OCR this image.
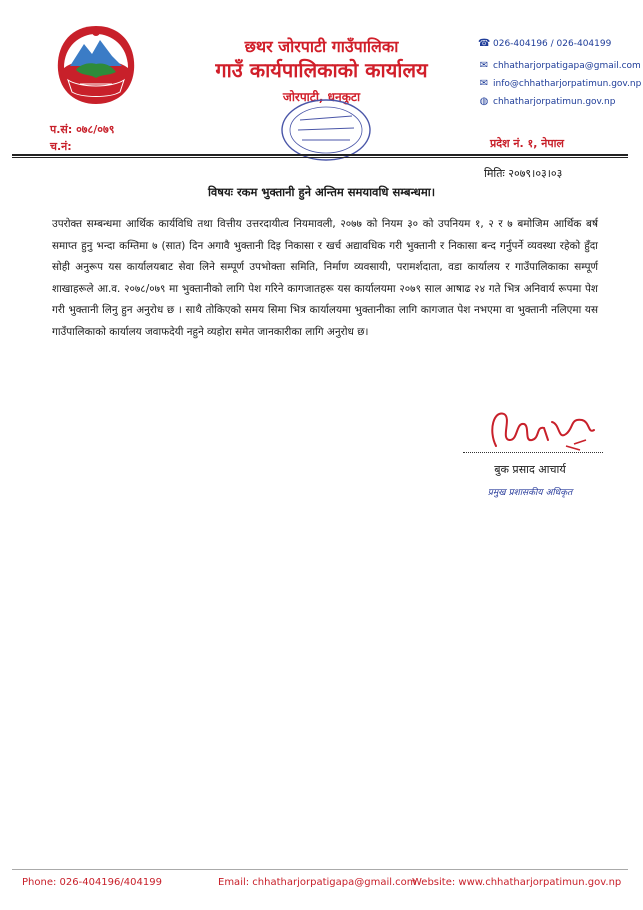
छथर जोरपाटी गाउँपालिका
गाउँ कार्यपालिकाको कार्यालय
जोरपाटी, धनकुटा
☎ 026-404196 / 026-404199
✉ chhatharjorpatigapa@gmail.com
✉ info@chhatharjorpatimun.gov.np
◍ chhatharjorpatimun.gov.np
प.सं: ०७८/०७९
च.नं:	प्रदेश नं. १, नेपाल
मितिः २०७९।०३।०३
विषयः रकम भुक्तानी हुने अन्तिम समयावधि सम्बन्धमा।
उपरोक्त सम्बन्धमा आर्थिक कार्यविधि तथा वित्तीय उत्तरदायीत्व नियमावली, २०७७ को नियम ३० को उपनियम १, २ र ७ बमोजिम आर्थिक बर्ष समाप्त हुनु भन्दा कम्तिमा ७ (सात) दिन अगावै भुक्तानी दिइ निकासा र खर्च अद्यावधिक गरी भुक्तानी र निकासा बन्द गर्नुपर्ने व्यवस्था रहेको हुँदा सोही अनुरूप यस कार्यालयबाट सेवा लिने सम्पूर्ण उपभोक्ता समिति, निर्माण व्यवसायी, परामर्शदाता, वडा कार्यालय र गाउँपालिकाका सम्पूर्ण शाखाहरूले आ.व. २०७८/०७९ मा भुक्तानीको लागि पेश गरिने कागजातहरू यस कार्यालयमा २०७९ साल आषाढ २४ गते भित्र अनिवार्य रूपमा पेश गरी भुक्तानी लिनु हुन अनुरोध छ । साथै तोकिएको समय सिमा भित्र कार्यालयमा भुक्तानीका लागि कागजात पेश नभएमा वा भुक्तानी नलिएमा यस गाउँपालिकाको कार्यालय जवाफदेयी नहुने व्यहोरा समेत जानकारीका लागि अनुरोध छ।
बुक प्रसाद आचार्य
प्रमुख प्रशासकीय अधिकृत
Phone: 026-404196/404199	Email: chhatharjorpatigapa@gmail.com
Website: www.chhatharjorpatimun.gov.np
